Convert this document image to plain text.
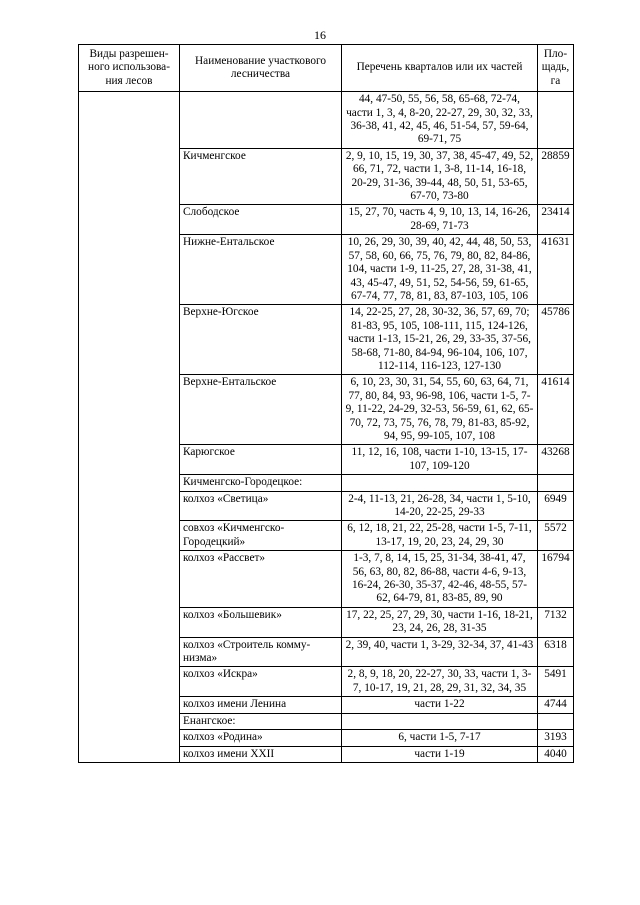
16
Виды разрешен-ного использова-ния лесов	Наименование участкового лесничества	Перечень кварталов или их частей	Пло-щадь, га
		44, 47-50, 55, 56, 58, 65-68, 72-74, части 1, 3, 4, 8-20, 22-27, 29, 30, 32, 33, 36-38, 41, 42, 45, 46, 51-54, 57, 59-64, 69-71, 75	
	Кичменгское	2, 9, 10, 15, 19, 30, 37, 38, 45-47, 49, 52, 66, 71, 72, части 1, 3-8, 11-14, 16-18, 20-29, 31-36, 39-44, 48, 50, 51, 53-65, 67-70, 73-80	28859
	Слободское	15, 27, 70, часть 4, 9, 10, 13, 14, 16-26, 28-69, 71-73	23414
	Нижне-Ентальское	10, 26, 29, 30, 39, 40, 42, 44, 48, 50, 53, 57, 58, 60, 66, 75, 76, 79, 80, 82, 84-86, 104, части 1-9, 11-25, 27, 28, 31-38, 41, 43, 45-47, 49, 51, 52, 54-56, 59, 61-65, 67-74, 77, 78, 81, 83, 87-103, 105, 106	41631
	Верхне-Югское	14, 22-25, 27, 28, 30-32, 36, 57, 69, 70; 81-83, 95, 105, 108-111, 115, 124-126, части 1-13, 15-21, 26, 29, 33-35, 37-56, 58-68, 71-80, 84-94, 96-104, 106, 107, 112-114, 116-123, 127-130	45786
	Верхне-Ентальское	6, 10, 23, 30, 31, 54, 55, 60, 63, 64, 71, 77, 80, 84, 93, 96-98, 106, части 1-5, 7-9, 11-22, 24-29, 32-53, 56-59, 61, 62, 65-70, 72, 73, 75, 76, 78, 79, 81-83, 85-92, 94, 95, 99-105, 107, 108	41614
	Карюгское	11, 12, 16, 108, части 1-10, 13-15, 17-107, 109-120	43268
	Кичменгско-Городецкое:		
	колхоз «Светица»	2-4, 11-13, 21, 26-28, 34, части 1, 5-10, 14-20, 22-25, 29-33	6949
	совхоз «Кичменгско-Городецкий»	6, 12, 18, 21, 22, 25-28, части 1-5, 7-11, 13-17, 19, 20, 23, 24, 29, 30	5572
	колхоз «Рассвет»	1-3, 7, 8, 14, 15, 25, 31-34, 38-41, 47, 56, 63, 80, 82, 86-88, части 4-6, 9-13, 16-24, 26-30, 35-37, 42-46, 48-55, 57-62, 64-79, 81, 83-85, 89, 90	16794
	колхоз «Большевик»	17, 22, 25, 27, 29, 30, части 1-16, 18-21, 23, 24, 26, 28, 31-35	7132
	колхоз «Строитель комму-низма»	2, 39, 40, части 1, 3-29, 32-34, 37, 41-43	6318
	колхоз «Искра»	2, 8, 9, 18, 20, 22-27, 30, 33, части 1, 3-7, 10-17, 19, 21, 28, 29, 31, 32, 34, 35	5491
	колхоз имени Ленина	части 1-22	4744
	Енангское:		
	колхоз «Родина»	6, части 1-5, 7-17	3193
	колхоз имени XXII	части 1-19	4040
